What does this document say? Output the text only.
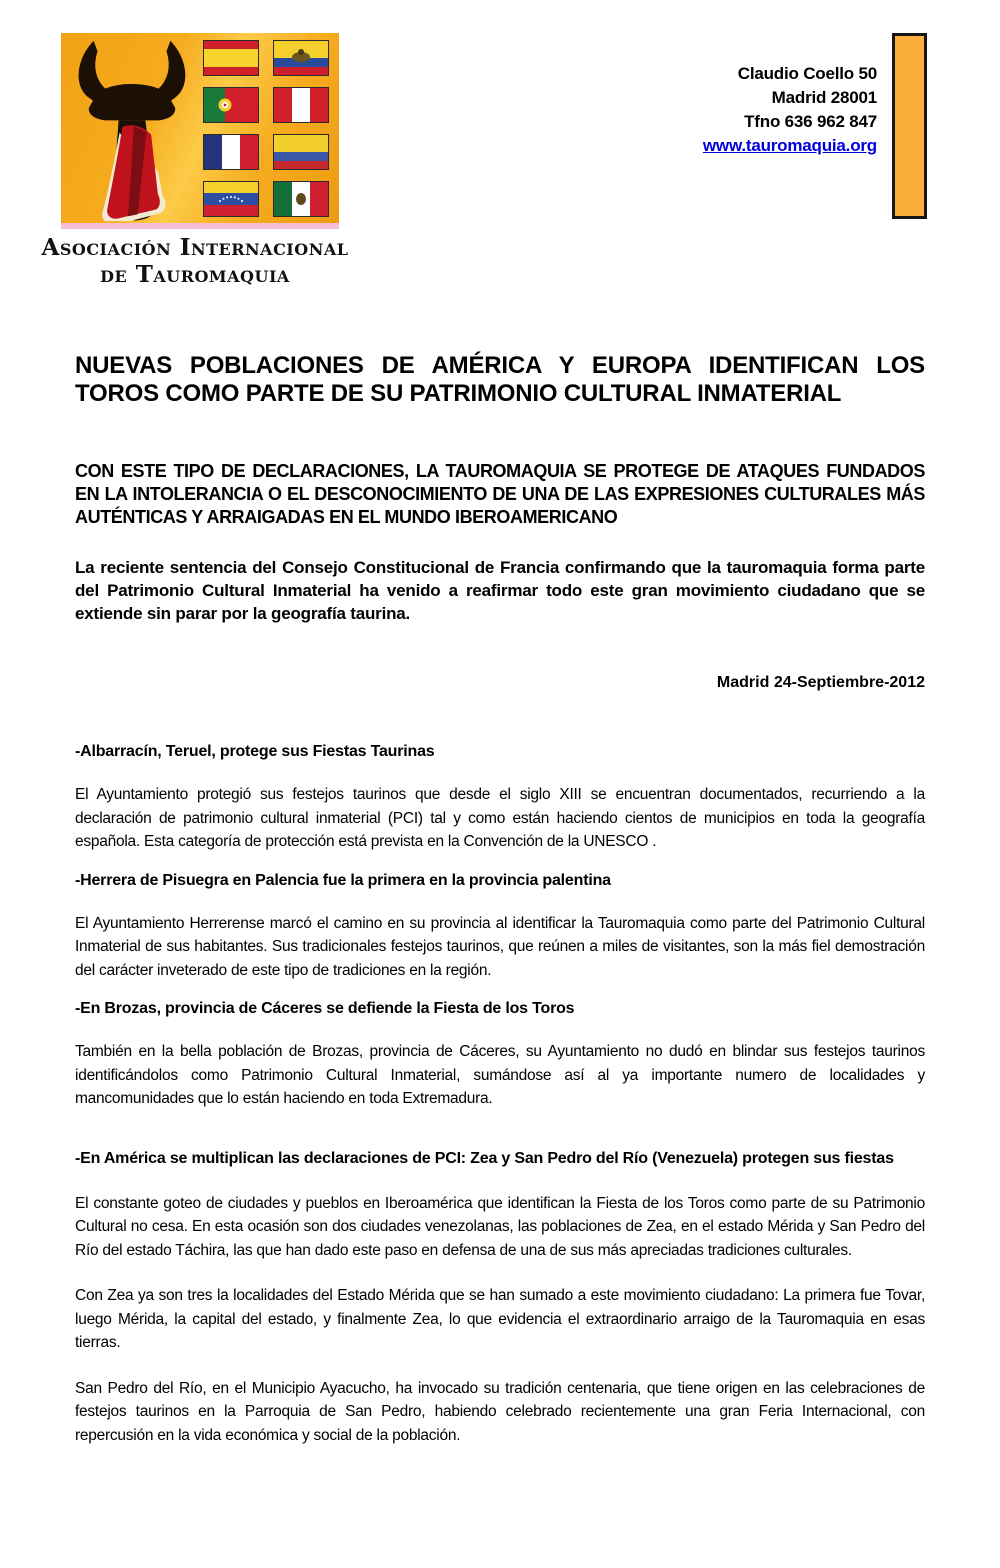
Asociación Internacional
de Tauromaquia
Claudio Coello 50
Madrid 28001
Tfno 636 962 847
www.tauromaquia.org
NUEVAS POBLACIONES DE AMÉRICA Y EUROPA IDENTIFICAN LOS TOROS COMO PARTE DE SU PATRIMONIO CULTURAL INMATERIAL

CON ESTE TIPO DE DECLARACIONES, LA TAUROMAQUIA SE PROTEGE DE ATAQUES FUNDADOS EN LA INTOLERANCIA O EL DESCONOCIMIENTO DE UNA DE LAS EXPRESIONES CULTURALES MÁS AUTÉNTICAS Y ARRAIGADAS EN EL MUNDO IBEROAMERICANO

La reciente sentencia del Consejo Constitucional de Francia confirmando que la tauromaquia forma parte del Patrimonio Cultural Inmaterial ha venido a reafirmar todo este gran movimiento ciudadano que se extiende sin parar por la geografía taurina.

Madrid 24-Septiembre-2012

-Albarracín, Teruel, protege sus Fiestas Taurinas

El Ayuntamiento protegió sus festejos taurinos que desde el siglo XIII se encuentran documentados, recurriendo a la declaración de patrimonio cultural inmaterial (PCI) tal y como están haciendo cientos de municipios en toda la geografía española. Esta categoría de protección está prevista en la Convención de la UNESCO .

-Herrera de Pisuegra en Palencia fue la primera en la provincia palentina

El Ayuntamiento Herrerense marcó el camino en su provincia al identificar la Tauromaquia como parte del Patrimonio Cultural Inmaterial de sus habitantes. Sus tradicionales festejos taurinos, que reúnen a miles de visitantes, son la más fiel demostración del carácter inveterado de este tipo de tradiciones en la región.

-En Brozas, provincia de Cáceres se defiende la Fiesta de los Toros

También en la bella población de Brozas, provincia de Cáceres, su Ayuntamiento no dudó en blindar sus festejos taurinos identificándolos como Patrimonio Cultural Inmaterial, sumándose así al ya importante numero de localidades y mancomunidades que lo están haciendo en toda Extremadura.

-En América se multiplican las declaraciones de PCI: Zea y San Pedro del Río (Venezuela) protegen sus fiestas

El constante goteo de ciudades y pueblos en Iberoamérica que identifican la Fiesta de los Toros como parte de su Patrimonio Cultural no cesa. En esta ocasión son dos ciudades venezolanas, las poblaciones de Zea, en el estado Mérida y San Pedro del Río del estado Táchira, las que han dado este paso en defensa de una de sus más apreciadas tradiciones culturales.

Con Zea ya son tres la localidades del Estado Mérida que se han sumado a este movimiento ciudadano: La primera fue Tovar, luego Mérida, la capital del estado, y finalmente Zea, lo que evidencia el extraordinario arraigo de la Tauromaquia en esas tierras.

San Pedro del Río, en el Municipio Ayacucho, ha invocado su tradición centenaria, que tiene origen en las celebraciones de festejos taurinos en la Parroquia de San Pedro, habiendo celebrado recientemente una gran Feria Internacional, con repercusión en la vida económica y social de la población.
